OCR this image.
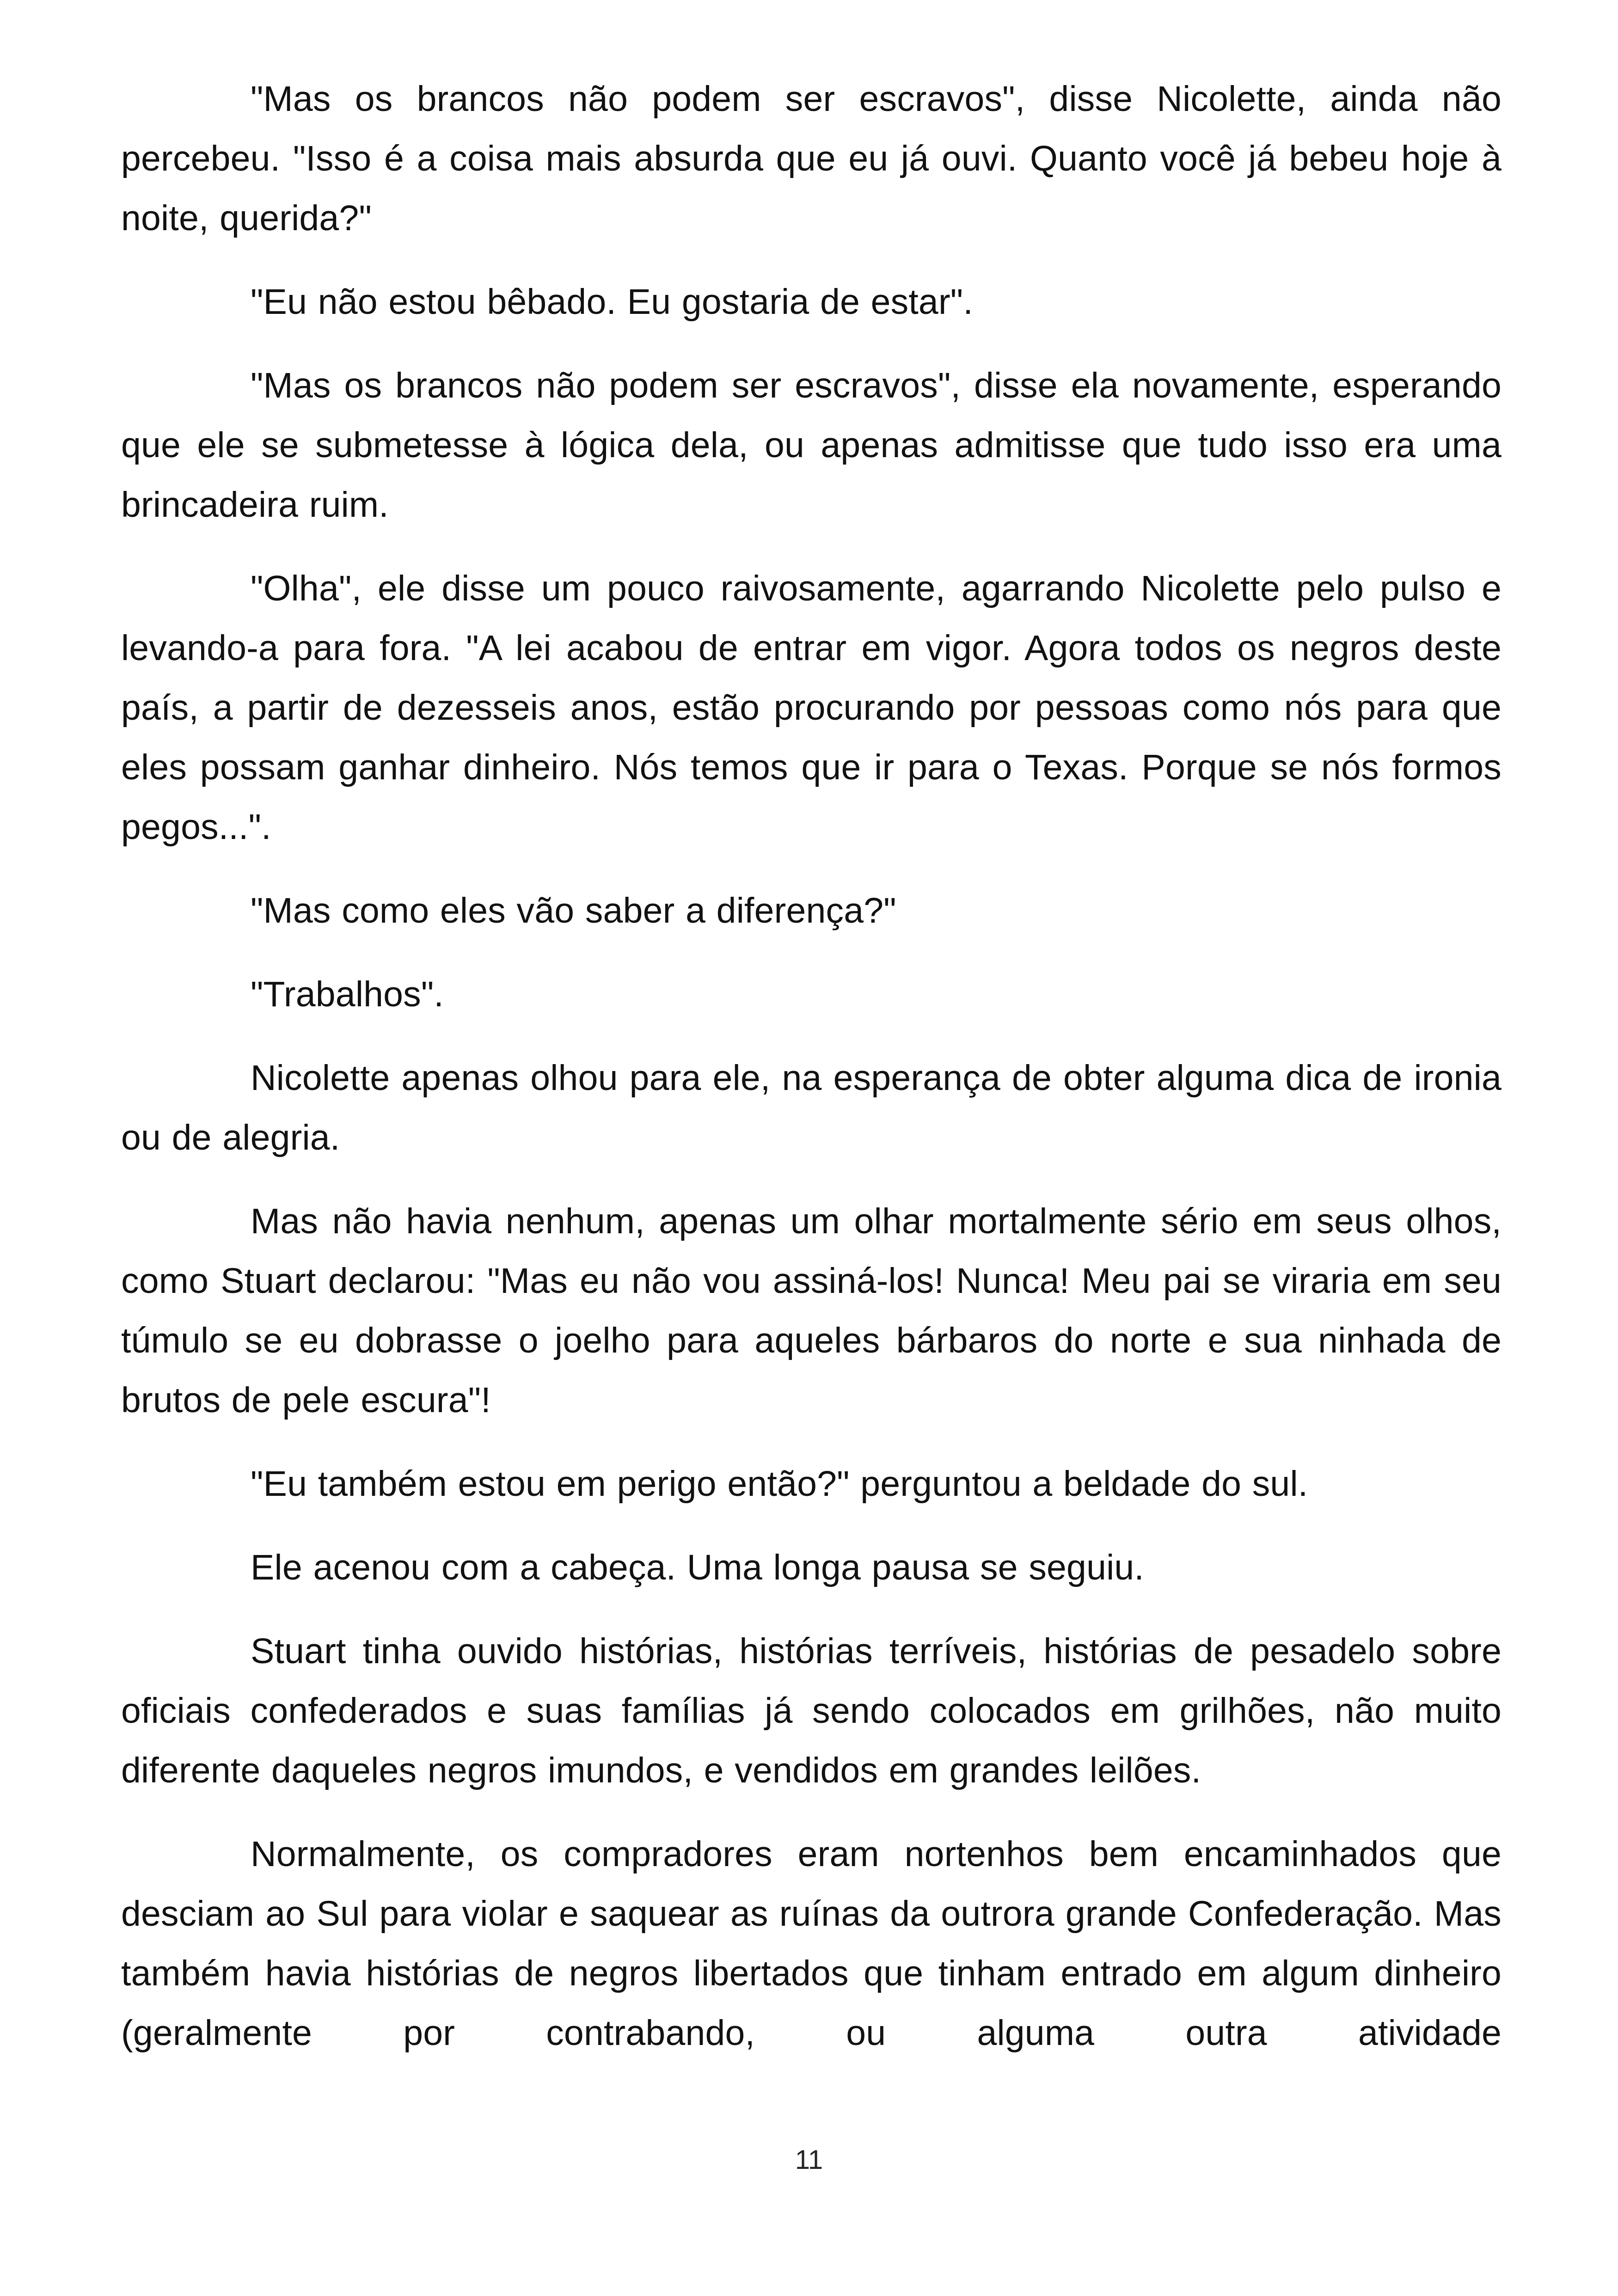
"Mas os brancos não podem ser escravos", disse Nicolette, ainda não percebeu. "Isso é a coisa mais absurda que eu já ouvi. Quanto você já bebeu hoje à noite, querida?"

"Eu não estou bêbado. Eu gostaria de estar".

"Mas os brancos não podem ser escravos", disse ela novamente, esperando que ele se submetesse à lógica dela, ou apenas admitisse que tudo isso era uma brincadeira ruim.

"Olha", ele disse um pouco raivosamente, agarrando Nicolette pelo pulso e levando-a para fora. "A lei acabou de entrar em vigor. Agora todos os negros deste país, a partir de dezesseis anos, estão procurando por pessoas como nós para que eles possam ganhar dinheiro. Nós temos que ir para o Texas. Porque se nós formos pegos...".

"Mas como eles vão saber a diferença?"

"Trabalhos".

Nicolette apenas olhou para ele, na esperança de obter alguma dica de ironia ou de alegria.

Mas não havia nenhum, apenas um olhar mortalmente sério em seus olhos, como Stuart declarou: "Mas eu não vou assiná-los! Nunca! Meu pai se viraria em seu túmulo se eu dobrasse o joelho para aqueles bárbaros do norte e sua ninhada de brutos de pele escura"!

"Eu também estou em perigo então?" perguntou a beldade do sul.

Ele acenou com a cabeça. Uma longa pausa se seguiu.

Stuart tinha ouvido histórias, histórias terríveis, histórias de pesadelo sobre oficiais confederados e suas famílias já sendo colocados em grilhões, não muito diferente daqueles negros imundos, e vendidos em grandes leilões.

Normalmente, os compradores eram nortenhos bem encaminhados que desciam ao Sul para violar e saquear as ruínas da outrora grande Confederação. Mas também havia histórias de negros libertados que tinham entrado em algum dinheiro (geralmente por contrabando, ou alguma outra atividade

11
